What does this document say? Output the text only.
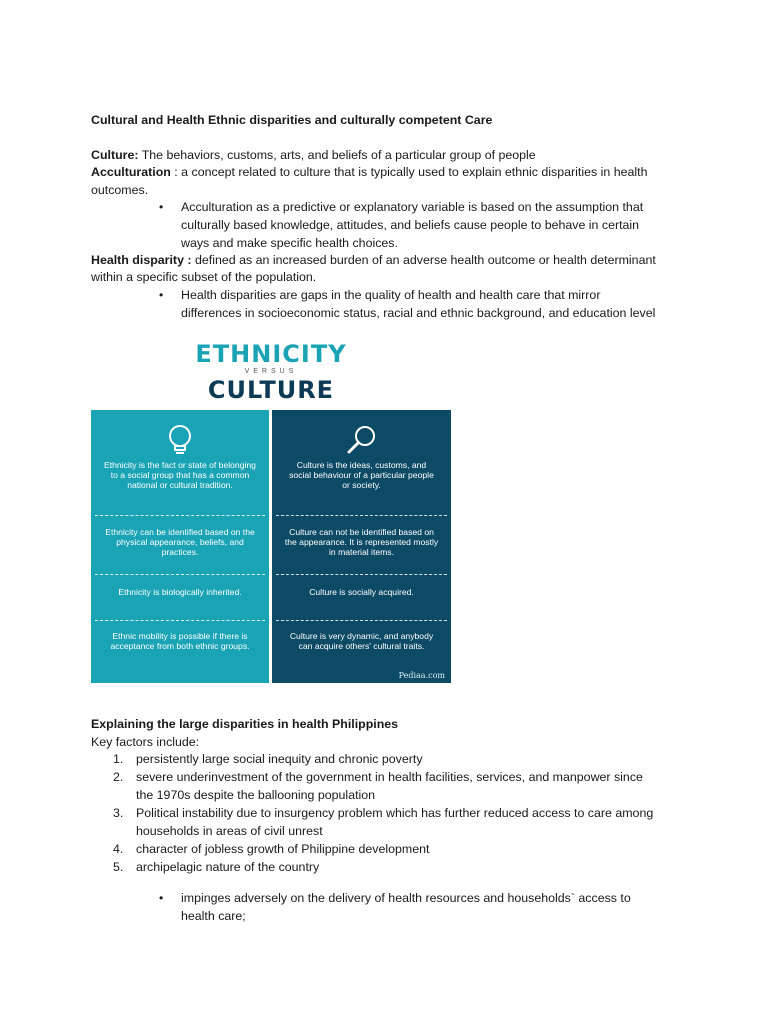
Cultural and Health Ethnic disparities and culturally competent Care
Culture: The behaviors, customs, arts, and beliefs of a particular group of people
Acculturation : a concept related to culture that is typically used to explain ethnic disparities in health
outcomes.
• Acculturation as a predictive or explanatory variable is based on the assumption that
culturally based knowledge, attitudes, and beliefs cause people to behave in certain
ways and make specific health choices.
Health disparity : defined as an increased burden of an adverse health outcome or health determinant
within a specific subset of the population.
• Health disparities are gaps in the quality of health and health care that mirror
differences in socioeconomic status, racial and ethnic background, and education level
ETHNICITY
VERSUS
CULTURE
Ethnicity is the fact or state of belonging to a social group that has a common national or cultural tradition.
Ethnicity can be identified based on the physical appearance, beliefs, and practices.
Ethnicity is biologically inherited.
Ethnic mobility is possible if there is acceptance from both ethnic groups.
Culture is the ideas, customs, and social behaviour of a particular people or society.
Culture can not be identified based on the appearance. It is represented mostly in material items.
Culture is socially acquired.
Culture is very dynamic, and anybody can acquire others' cultural traits.
Pediaa.com
Explaining the large disparities in health Philippines
Key factors include:
1. persistently large social inequity and chronic poverty
2. severe underinvestment of the government in health facilities, services, and manpower since
the 1970s despite the ballooning population
3. Political instability due to insurgency problem which has further reduced access to care among
households in areas of civil unrest
4. character of jobless growth of Philippine development
5. archipelagic nature of the country
• impinges adversely on the delivery of health resources and households` access to
health care;
